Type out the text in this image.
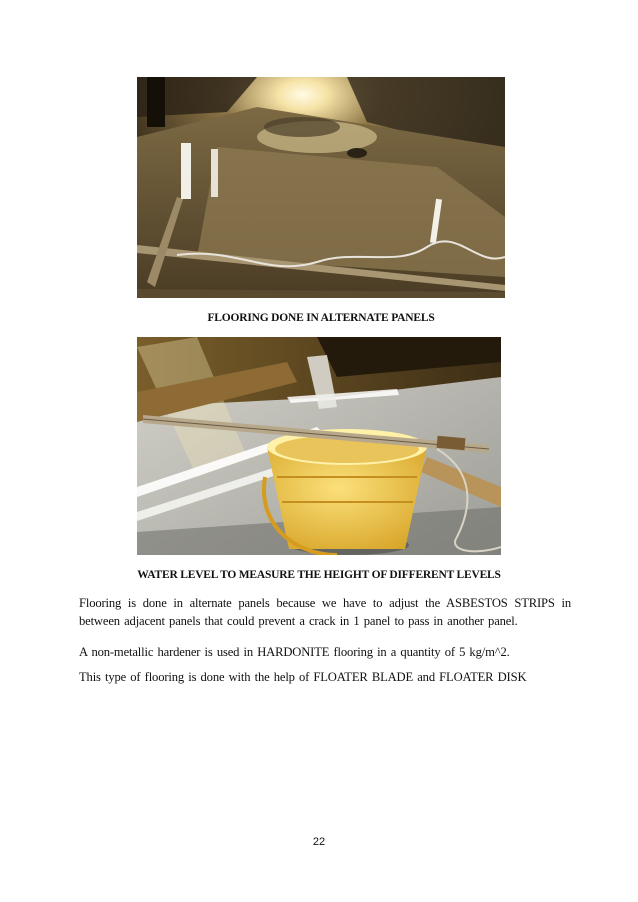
FLOORING DONE IN ALTERNATE PANELS
WATER LEVEL TO MEASURE THE HEIGHT OF DIFFERENT LEVELS

Flooring is done in alternate panels because we have to adjust the ASBESTOS STRIPS in between adjacent panels that could prevent a crack in 1 panel to pass in another panel.

A non-metallic hardener is used in HARDONITE flooring in a quantity of 5 kg/m^2.

This type of flooring is done with the help of FLOATER BLADE and FLOATER DISK

22
